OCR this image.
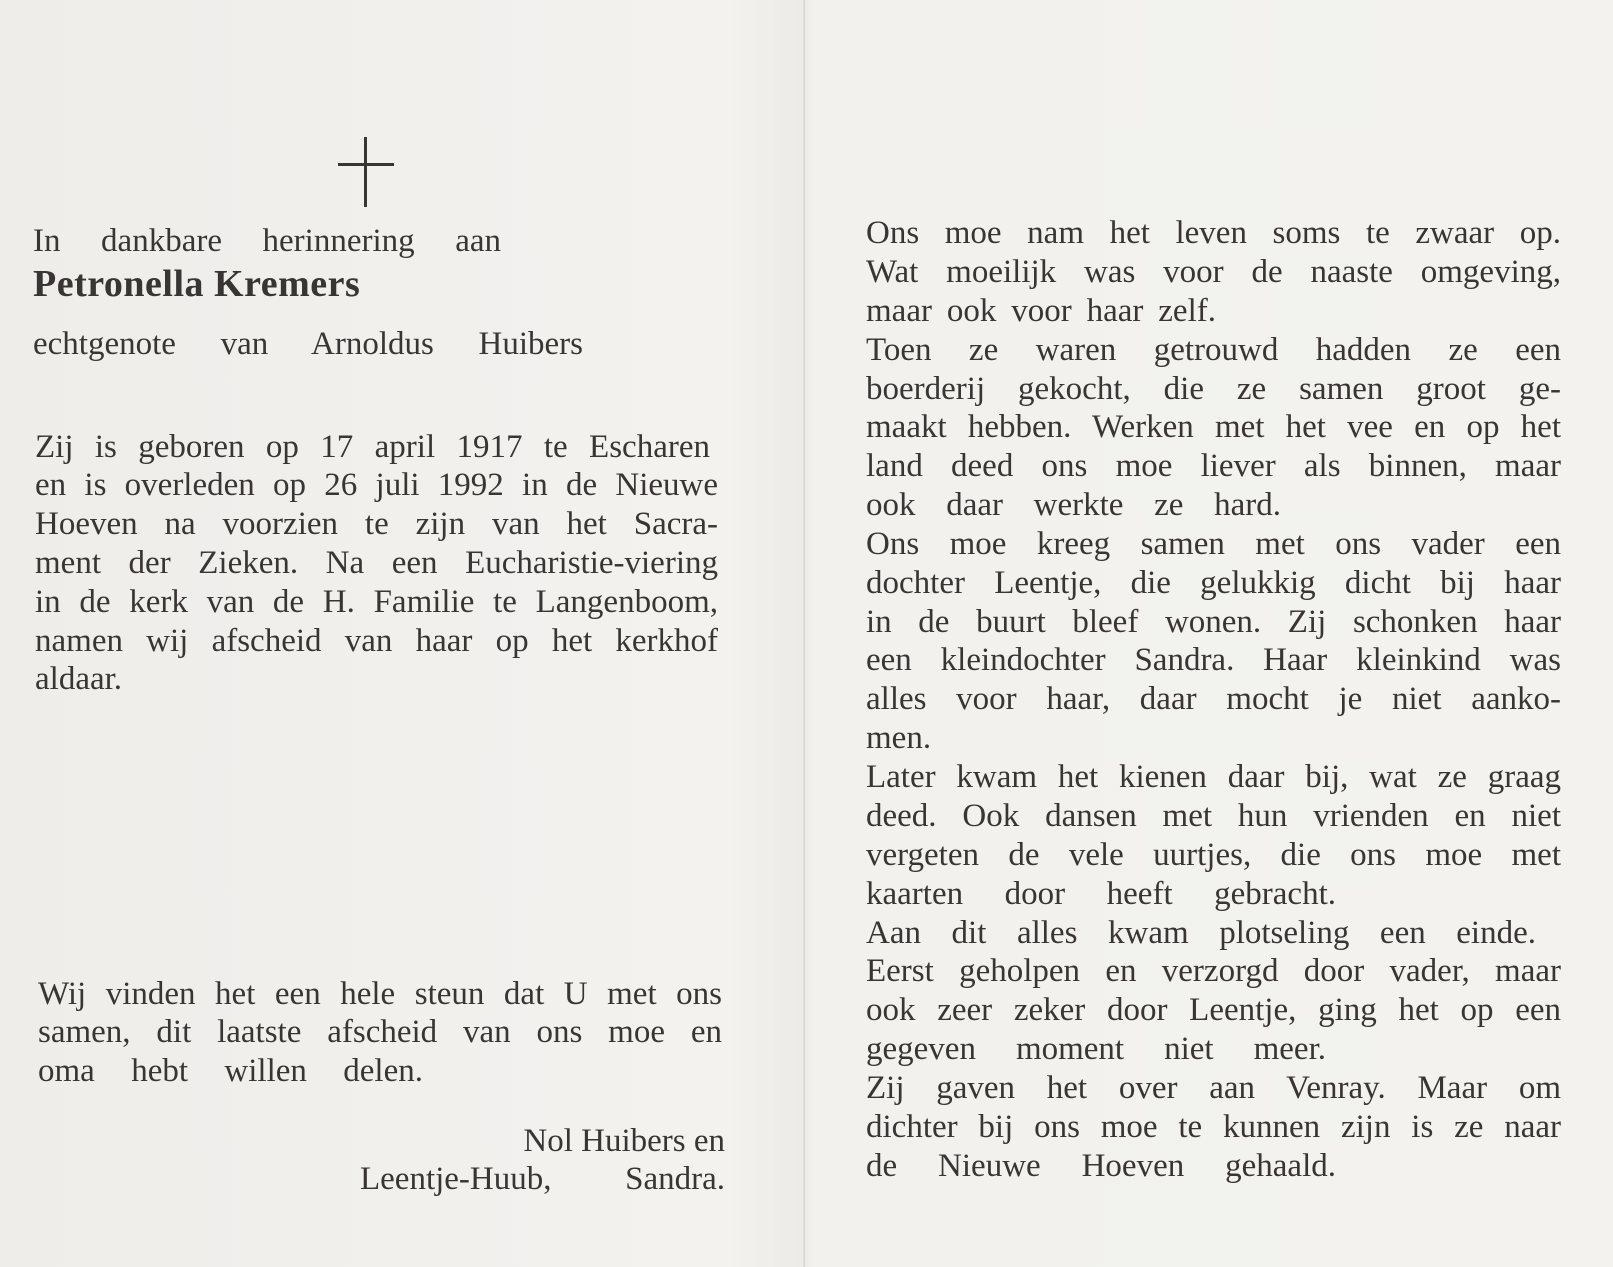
In dankbare herinnering aan
Petronella Kremers
echtgenote van Arnoldus Huibers
Zij is geboren op 17 april 1917 te Escharen
en is overleden op 26 juli 1992 in de Nieuwe
Hoeven na voorzien te zijn van het Sacra-
ment der Zieken. Na een Eucharistie-viering
in de kerk van de H. Familie te Langenboom,
namen wij afscheid van haar op het kerkhof
aldaar.
Wij vinden het een hele steun dat U met ons
samen, dit laatste afscheid van ons moe en
oma hebt willen delen.
Nol Huibers en
Leentje-Huub, Sandra.
Ons moe nam het leven soms te zwaar op.
Wat moeilijk was voor de naaste omgeving,
maar ook voor haar zelf.
Toen ze waren getrouwd hadden ze een
boerderij gekocht, die ze samen groot ge-
maakt hebben. Werken met het vee en op het
land deed ons moe liever als binnen, maar
ook daar werkte ze hard.
Ons moe kreeg samen met ons vader een
dochter Leentje, die gelukkig dicht bij haar
in de buurt bleef wonen. Zij schonken haar
een kleindochter Sandra. Haar kleinkind was
alles voor haar, daar mocht je niet aanko-
men.
Later kwam het kienen daar bij, wat ze graag
deed. Ook dansen met hun vrienden en niet
vergeten de vele uurtjes, die ons moe met
kaarten door heeft gebracht.
Aan dit alles kwam plotseling een einde.
Eerst geholpen en verzorgd door vader, maar
ook zeer zeker door Leentje, ging het op een
gegeven moment niet meer.
Zij gaven het over aan Venray. Maar om
dichter bij ons moe te kunnen zijn is ze naar
de Nieuwe Hoeven gehaald.
